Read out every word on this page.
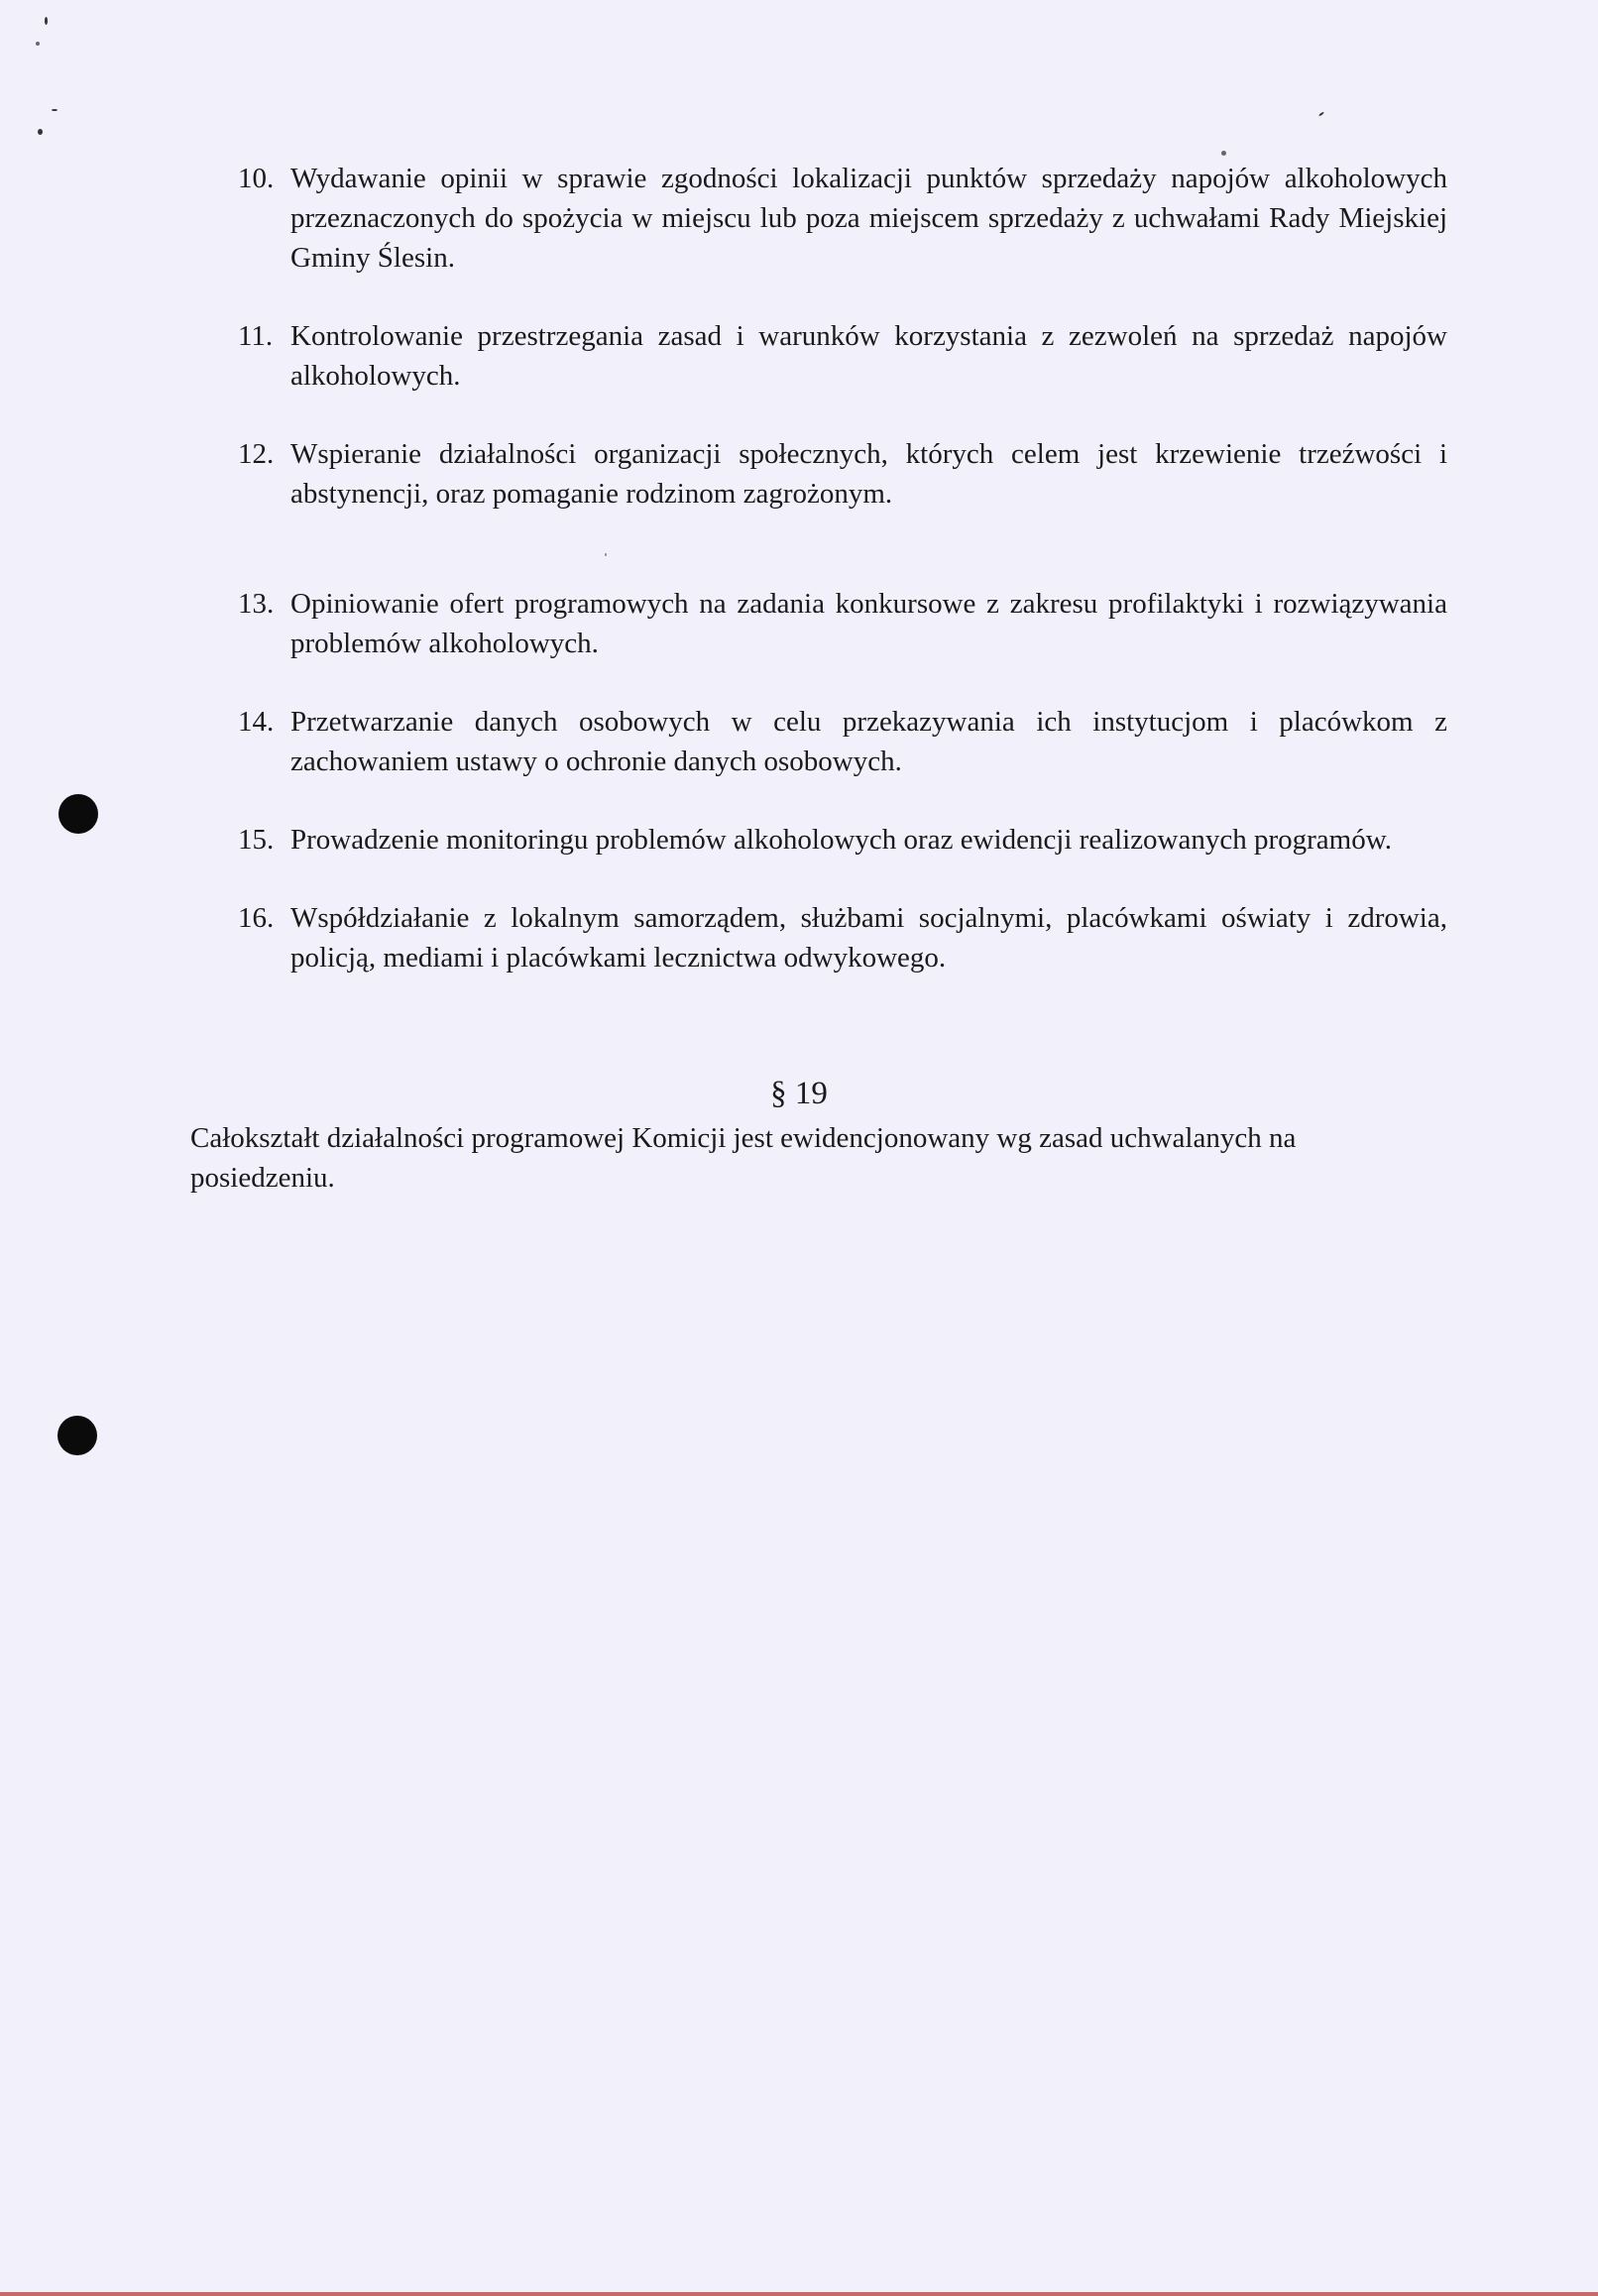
10. Wydawanie opinii w sprawie zgodności lokalizacji punktów sprzedaży napojów alkoholowych przeznaczonych do spożycia w miejscu lub poza miejscem sprzedaży z uchwałami Rady Miejskiej Gminy Ślesin.
11. Kontrolowanie przestrzegania zasad i warunków korzystania z zezwoleń na sprzedaż napojów alkoholowych.
12. Wspieranie działalności organizacji społecznych, których celem jest krzewienie trzeźwości i abstynencji, oraz pomaganie rodzinom zagrożonym.
13. Opiniowanie ofert programowych na zadania konkursowe z zakresu profilaktyki i rozwiązywania problemów alkoholowych.
14. Przetwarzanie danych osobowych w celu przekazywania ich instytucjom i placówkom z zachowaniem ustawy o ochronie danych osobowych.
15. Prowadzenie monitoringu problemów alkoholowych oraz ewidencji realizowanych programów.
16. Współdziałanie z lokalnym samorządem, służbami socjalnymi, placówkami oświaty i zdrowia, policją, mediami i placówkami lecznictwa odwykowego.
§ 19

Całokształt działalności programowej Komicji jest ewidencjonowany wg zasad uchwalanych na posiedzeniu.
